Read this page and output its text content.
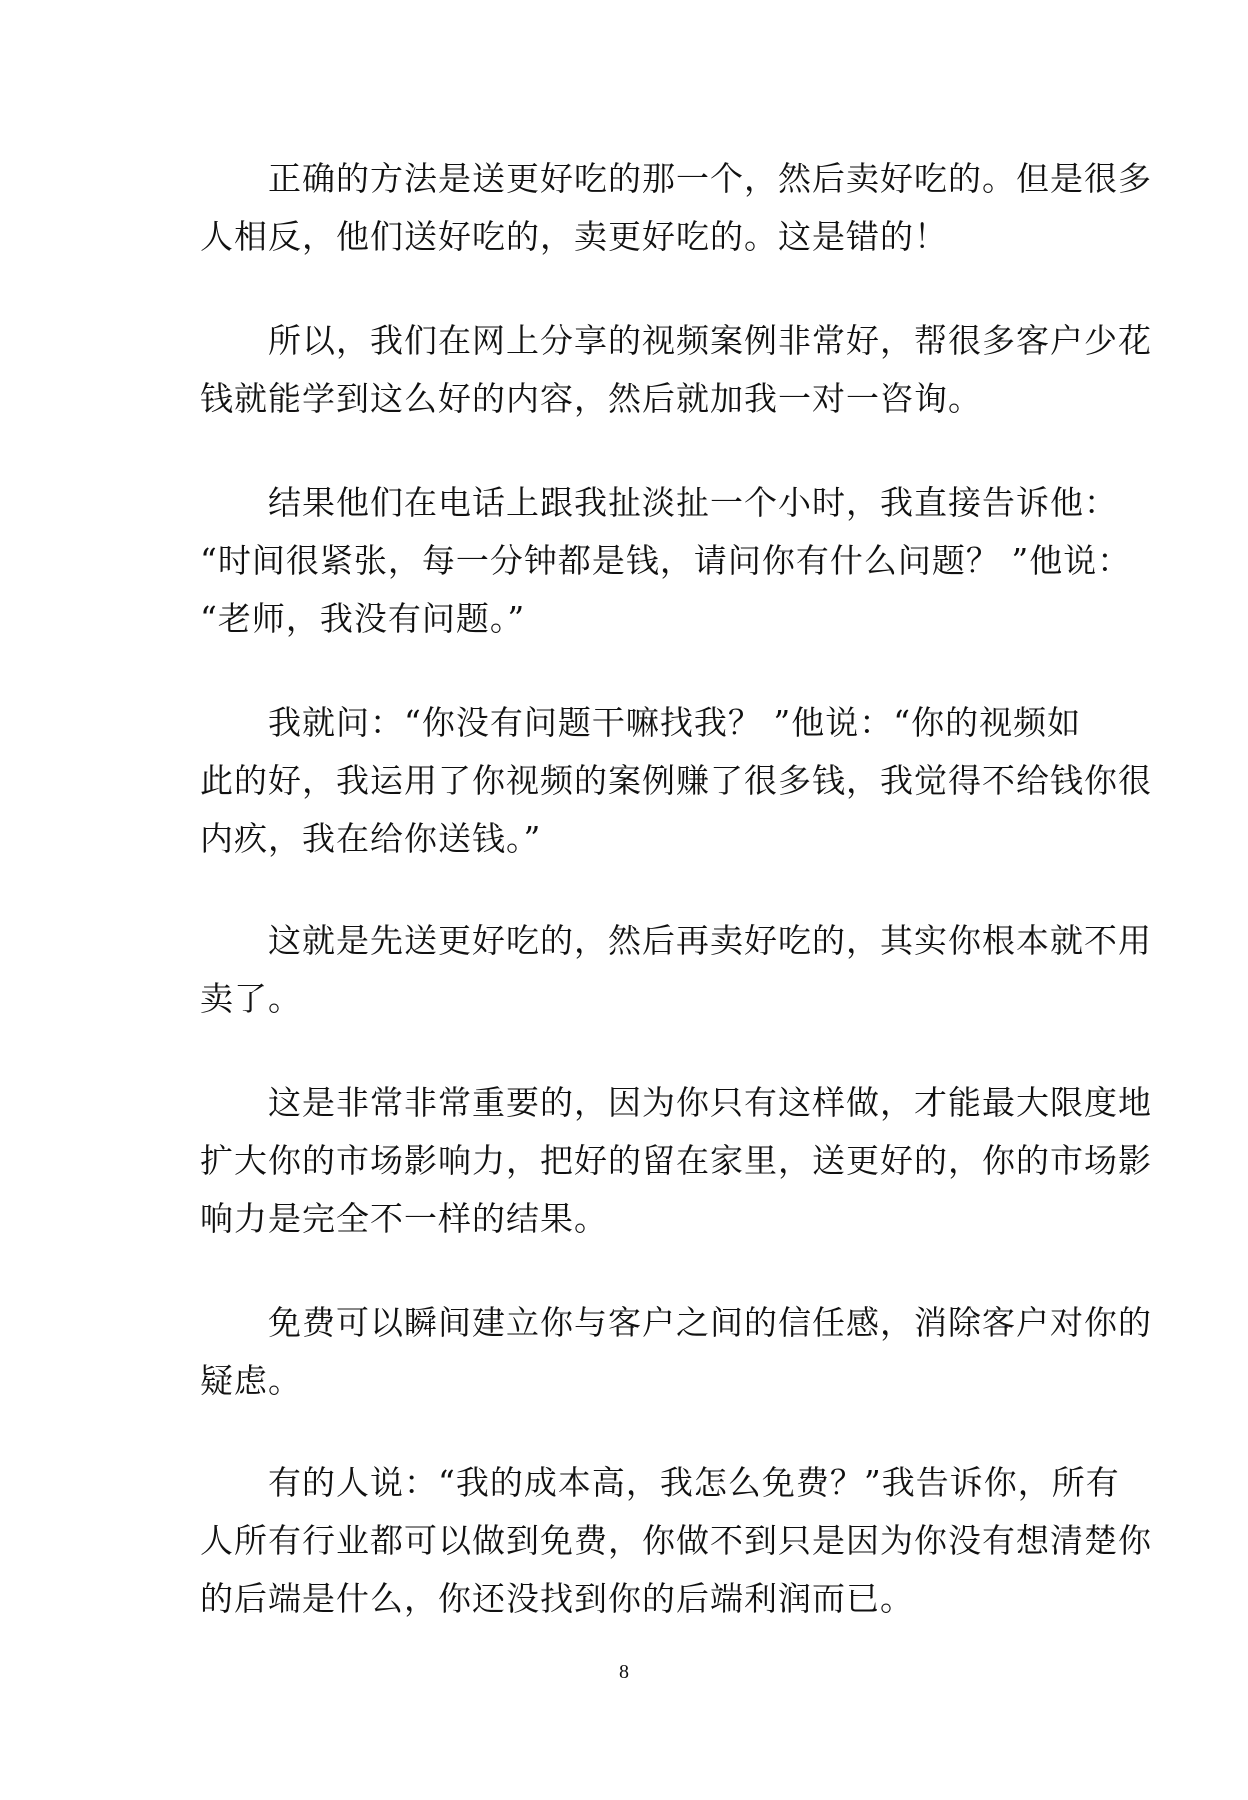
　　正确的方法是送更好吃的那一个，然后卖好吃的。但是很多
人相反，他们送好吃的，卖更好吃的。这是错的！
　　所以，我们在网上分享的视频案例非常好，帮很多客户少花
钱就能学到这么好的内容，然后就加我一对一咨询。
　　结果他们在电话上跟我扯淡扯一个小时，我直接告诉他：
“时间很紧张，每一分钟都是钱，请问你有什么问题？ ”他说：
“老师，我没有问题。”
　　我就问：“你没有问题干嘛找我？ ”他说：“你的视频如
此的好，我运用了你视频的案例赚了很多钱，我觉得不给钱你很
内疚，我在给你送钱。”
　　这就是先送更好吃的，然后再卖好吃的，其实你根本就不用
卖了。
　　这是非常非常重要的，因为你只有这样做，才能最大限度地
扩大你的市场影响力，把好的留在家里，送更好的，你的市场影
响力是完全不一样的结果。
　　免费可以瞬间建立你与客户之间的信任感，消除客户对你的
疑虑。
　　有的人说：“我的成本高，我怎么免费？”我告诉你，所有
人所有行业都可以做到免费，你做不到只是因为你没有想清楚你
的后端是什么，你还没找到你的后端利润而已。
8
